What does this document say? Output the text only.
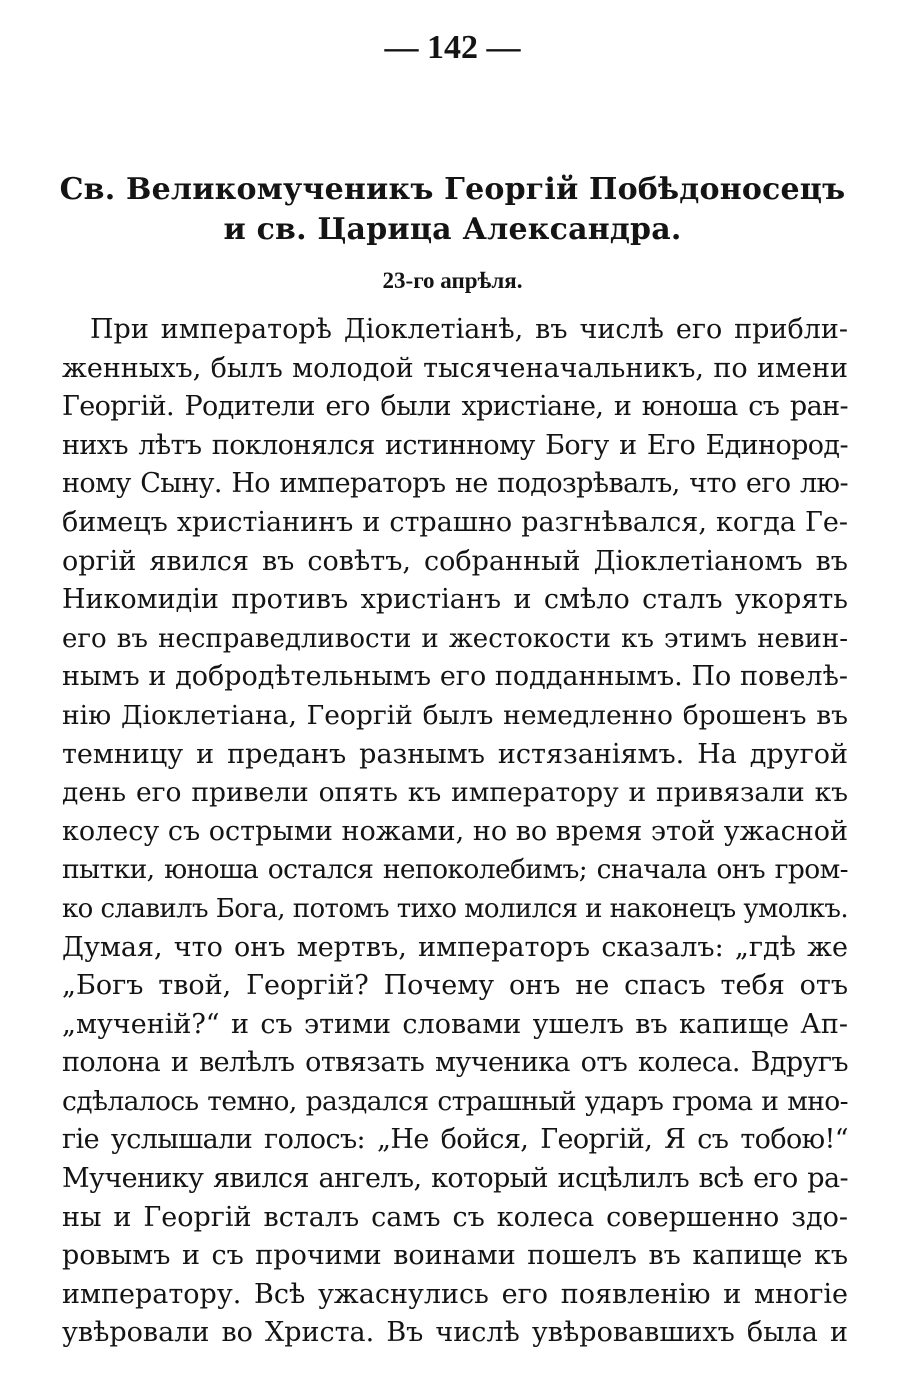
— 142 —
Св. Великомученикъ Георгій Побѣдоносецъ
и св. Царица Александра.
23-го апрѣля.
При императорѣ Діоклетіанѣ, въ числѣ его прибли-
женныхъ, былъ молодой тысяченачальникъ, по имени
Георгій. Родители его были христiане, и юноша съ ран-
нихъ лѣтъ поклонялся истинному Богу и Его Единород-
ному Сыну. Но императоръ не подозрѣвалъ, что его лю-
бимецъ христіанинъ и страшно разгнѣвался, когда Ге-
оргій явился въ совѣтъ, собранный Діоклетіаномъ въ
Никомидіи противъ христіанъ и смѣло сталъ укорять
его въ несправедливости и жестокости къ этимъ невин-
нымъ и добродѣтельнымъ его подданнымъ. По повелѣ-
нію Діоклетіана, Георгій былъ немедленно брошенъ въ
темницу и преданъ разнымъ истязаніямъ. На другой
день его привели опять къ императору и привязали къ
колесу съ острыми ножами, но во время этой ужасной
пытки, юноша остался непоколебимъ; сначала онъ гром-
ко славилъ Бога, потомъ тихо молился и наконецъ умолкъ.
Думая, что онъ мертвъ, императоръ сказалъ: „гдѣ же
„Богъ твой, Георгій? Почему онъ не спасъ тебя отъ
„мученій?“ и съ этими словами ушелъ въ капище Ап-
полона и велѣлъ отвязать мученика отъ колеса. Вдругъ
сдѣлалось темно, раздался страшный ударъ грома и мно-
гіе услышали голосъ: „Не бойся, Георгій, Я съ тобою!“
Мученику явился ангелъ, который исцѣлилъ всѣ его ра-
ны и Георгій всталъ самъ съ колеса совершенно здо-
ровымъ и съ прочими воинами пошелъ въ капище къ
императору. Всѣ ужаснулись его появленію и многіе
увѣровали во Христа. Въ числѣ увѣровавшихъ была и
